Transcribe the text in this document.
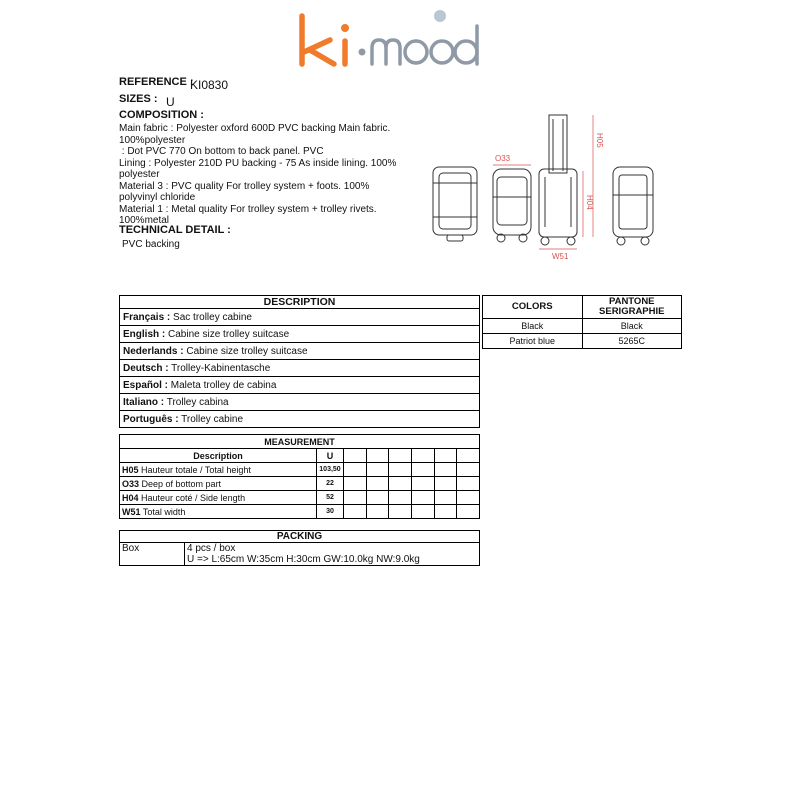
REFERENCE :
KI0830
SIZES : U
COMPOSITION :
Main fabric : Polyester oxford 600D PVC backing Main fabric.
100%polyester
: Dot PVC 770 On bottom to back panel. PVC
Lining : Polyester 210D PU backing - 75 As inside lining. 100%
polyester
Material 3 : PVC quality For trolley system + foots. 100%
polyvinyl chloride
Material 1 : Metal quality For trolley system + trolley rivets.
100%metal
TECHNICAL DETAIL :
PVC backing
H05
H04
W51
O33
DESCRIPTION
Français : Sac trolley cabine
English : Cabine size trolley suitcase
Nederlands : Cabine size trolley suitcase
Deutsch : Trolley-Kabinentasche
Español : Maleta trolley de cabina
Italiano : Trolley cabina
Português : Trolley cabine
COLORS	PANTONE
SERIGRAPHIE

Black	Black
Patriot blue	5265C
MEASUREMENT							
Description	U						
H05 Hauteur totale / Total height	103,50						
O33 Deep of bottom part	22						
H04 Hauteur coté / Side length	52						
W51 Total width	30						
PACKING
Box	4 pcs / box
U => L:65cm W:35cm H:30cm GW:10.0kg NW:9.0kg
